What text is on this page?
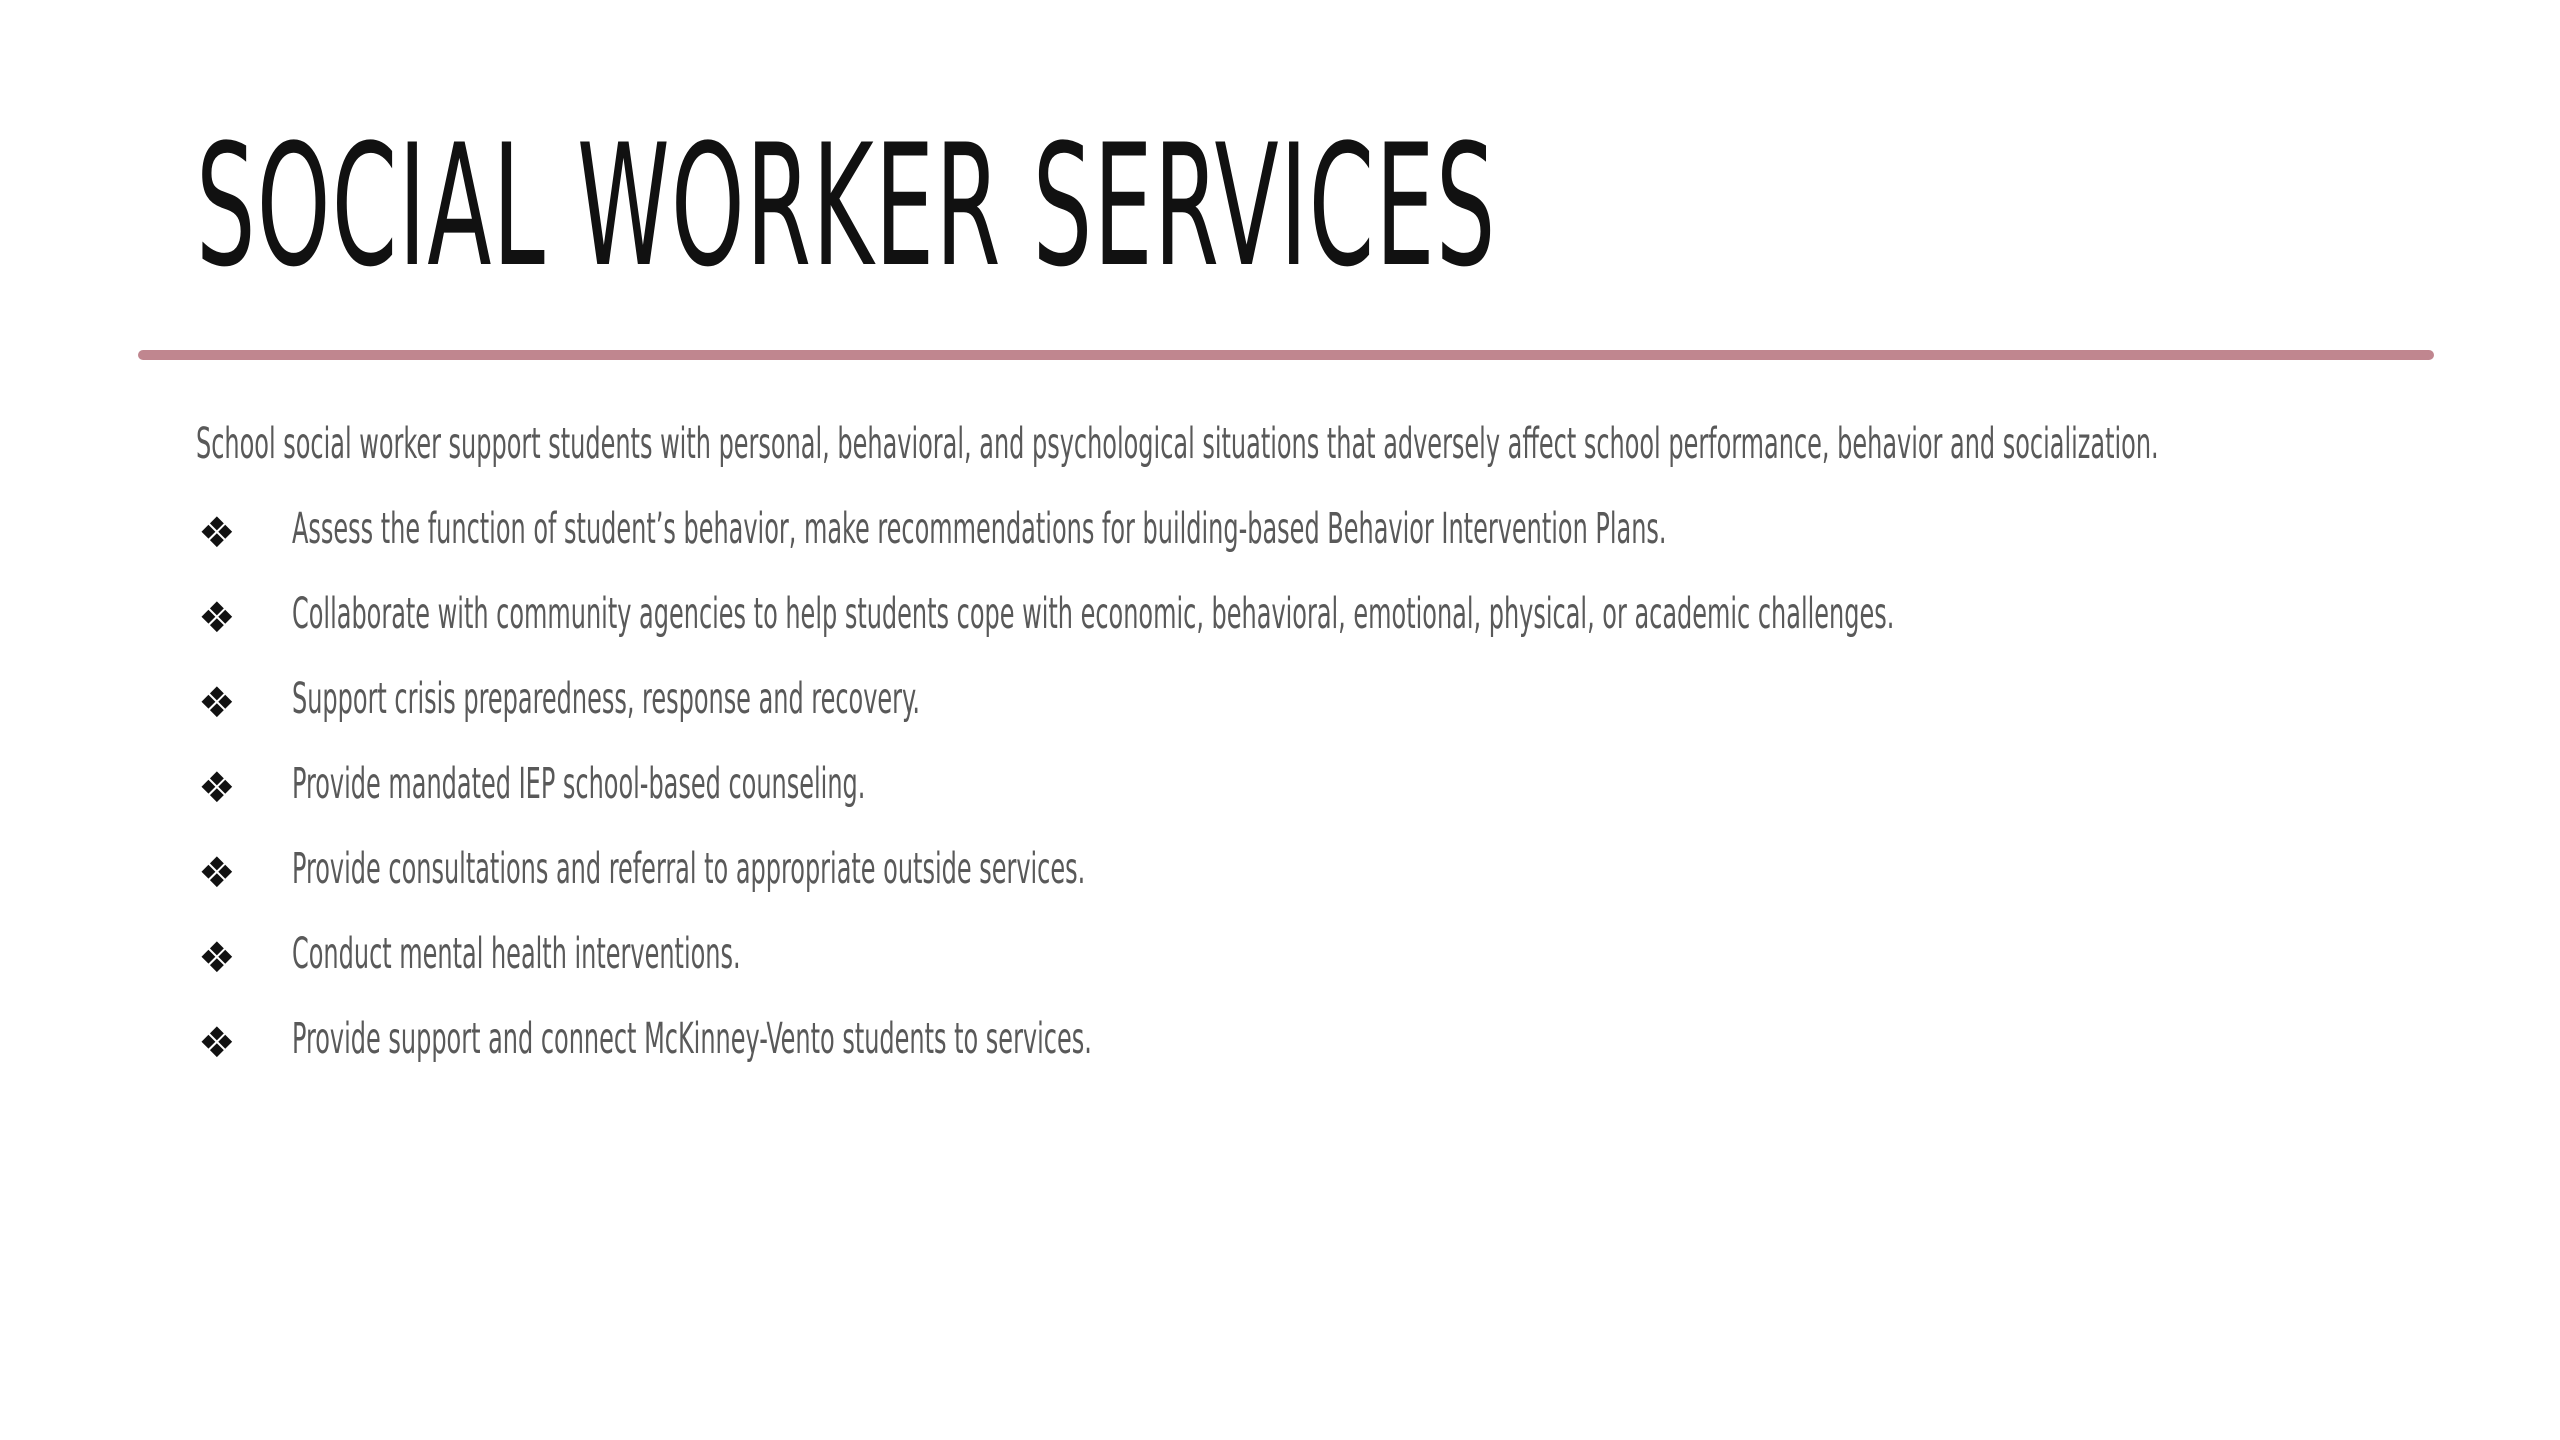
SOCIAL WORKER SERVICES

School social worker support students with personal, behavioral, and psychological situations that adversely affect school performance, behavior and socialization.

❖ Assess the function of student’s behavior, make recommendations for building-based Behavior Intervention Plans.
❖ Collaborate with community agencies to help students cope with economic, behavioral, emotional, physical, or academic challenges.
❖ Support crisis preparedness, response and recovery.
❖ Provide mandated IEP school-based counseling.
❖ Provide consultations and referral to appropriate outside services.
❖ Conduct mental health interventions.
❖ Provide support and connect McKinney-Vento students to services.
